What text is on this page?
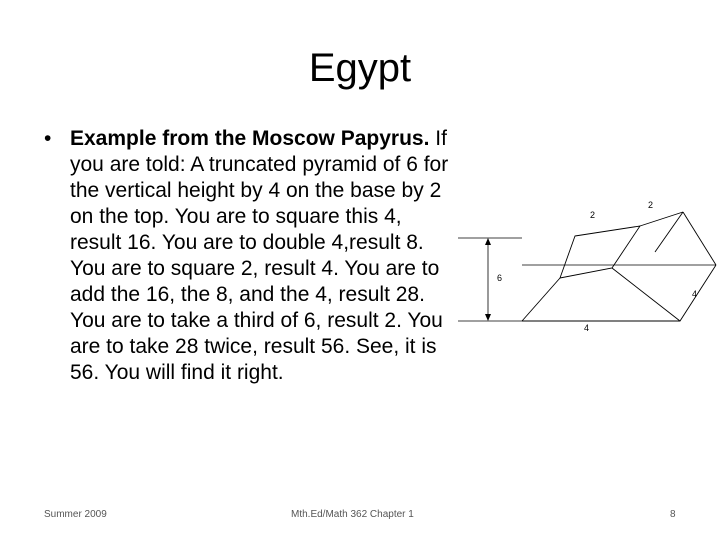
Egypt
• Example from the Moscow Papyrus. If you are told: A truncated pyramid of 6 for the vertical height by 4 on the base by 2 on the top. You are to square this 4, result 16. You are to double 4,result 8. You are to square 2, result 4. You are to add the 16, the 8, and the 4, result 28. You are to take a third of 6, result 2. You are to take 28 twice, result 56. See, it is 56. You will find it right.
6
2
2
4
4
Summer 2009	Mth.Ed/Math 362 Chapter 1	8
